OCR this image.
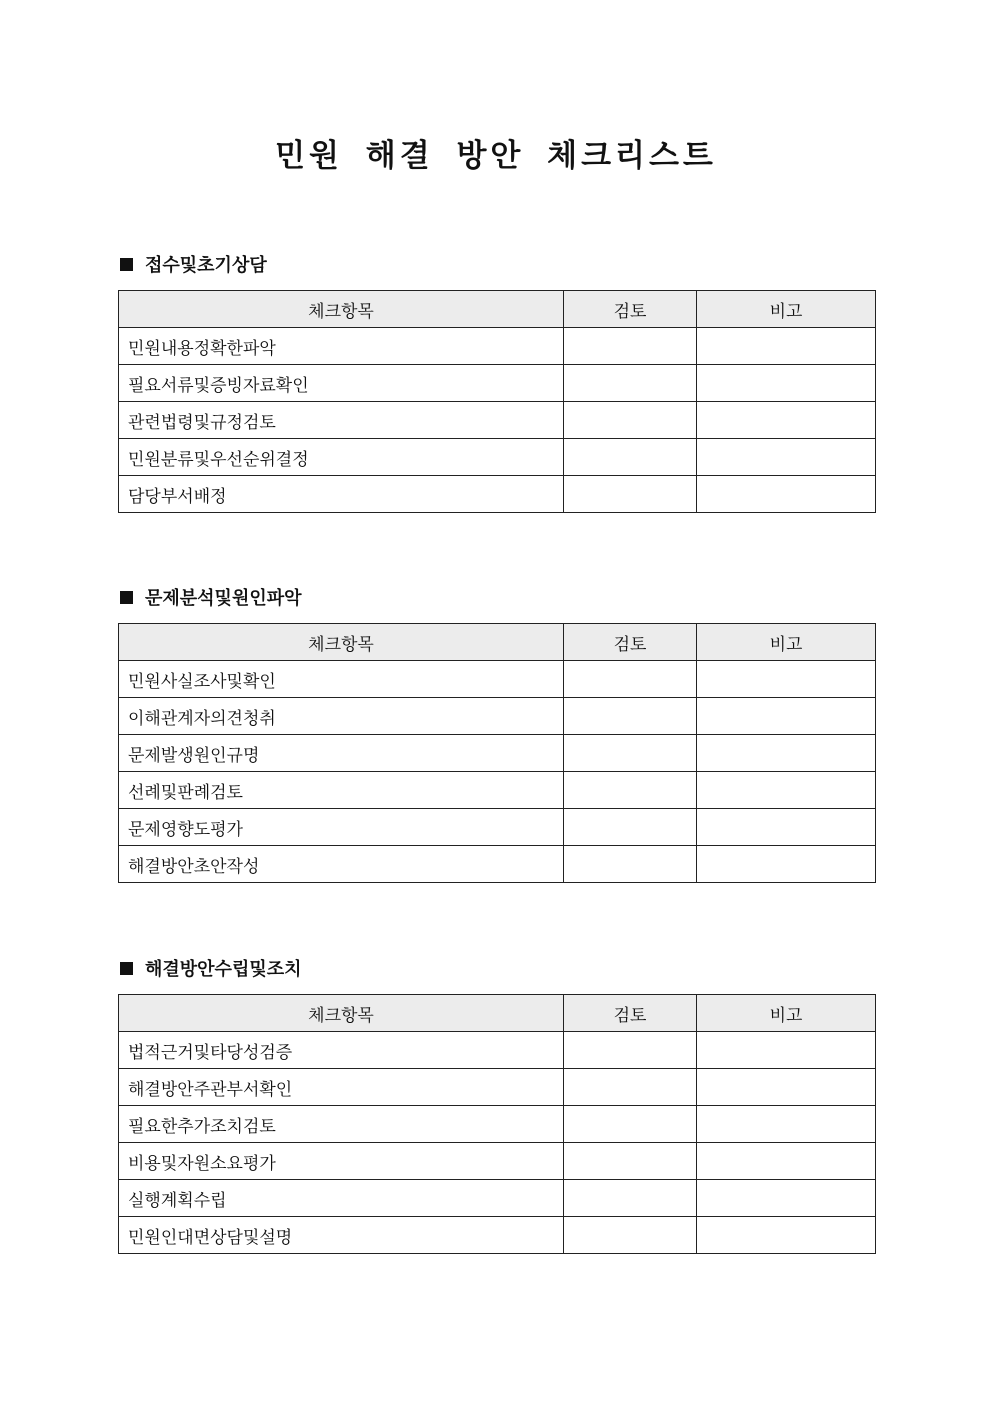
민원 해결 방안 체크리스트
접수및초기상담
체크항목	검토	비고
민원내용정확한파악		
필요서류및증빙자료확인		
관련법령및규정검토		
민원분류및우선순위결정		
담당부서배정		
문제분석및원인파악
체크항목	검토	비고
민원사실조사및확인		
이해관계자의견청취		
문제발생원인규명		
선례및판례검토		
문제영향도평가		
해결방안초안작성		
해결방안수립및조치
체크항목	검토	비고
법적근거및타당성검증		
해결방안주관부서확인		
필요한추가조치검토		
비용및자원소요평가		
실행계획수립		
민원인대면상담및설명		
